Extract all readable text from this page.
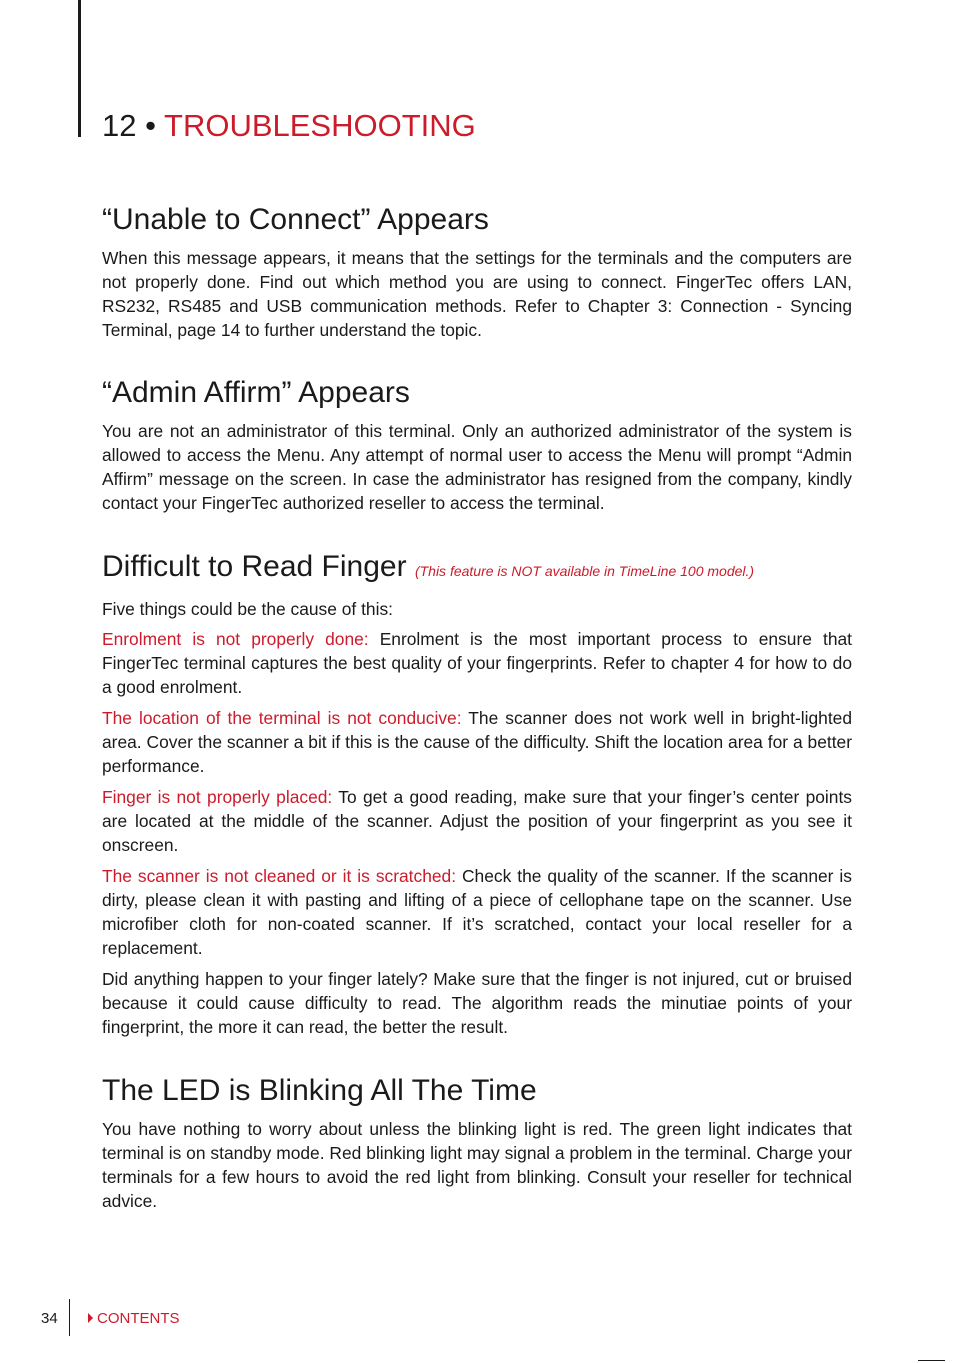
12 • TROUBLESHOOTING
“Unable to Connect” Appears

When this message appears, it means that the settings for the terminals and the computers are not properly done. Find out which method you are using to connect. FingerTec offers LAN, RS232, RS485 and USB communication methods. Refer to Chapter 3: Connection - Syncing Terminal, page 14 to further understand the topic.

“Admin Affirm” Appears

You are not an administrator of this terminal. Only an authorized administrator of the system is allowed to access the Menu. Any attempt of normal user to access the Menu will prompt “Admin Affirm” message on the screen. In case the administrator has resigned from the company, kindly contact your FingerTec authorized reseller to access the terminal.

Difficult to Read Finger (This feature is NOT available in TimeLine 100 model.)

Five things could be the cause of this:

Enrolment is not properly done: Enrolment is the most important process to ensure that FingerTec terminal captures the best quality of your fingerprints. Refer to chapter 4 for how to do a good enrolment.

The location of the terminal is not conducive: The scanner does not work well in bright-lighted area. Cover the scanner a bit if this is the cause of the difficulty. Shift the location area for a better performance.

Finger is not properly placed: To get a good reading, make sure that your finger’s center points are located at the middle of the scanner. Adjust the position of your fingerprint as you see it onscreen.

The scanner is not cleaned or it is scratched: Check the quality of the scanner. If the scanner is dirty, please clean it with pasting and lifting of a piece of cellophane tape on the scanner. Use microfiber cloth for non-coated scanner. If it’s scratched, contact your local reseller for a replacement.

Did anything happen to your finger lately? Make sure that the finger is not injured, cut or bruised because it could cause difficulty to read. The algorithm reads the minutiae points of your fingerprint, the more it can read, the better the result.

The LED is Blinking All The Time

You have nothing to worry about unless the blinking light is red. The green light indicates that terminal is on standby mode. Red blinking light may signal a problem in the terminal. Charge your terminals for a few hours to avoid the red light from blinking. Consult your reseller for technical advice.

34	CONTENTS
